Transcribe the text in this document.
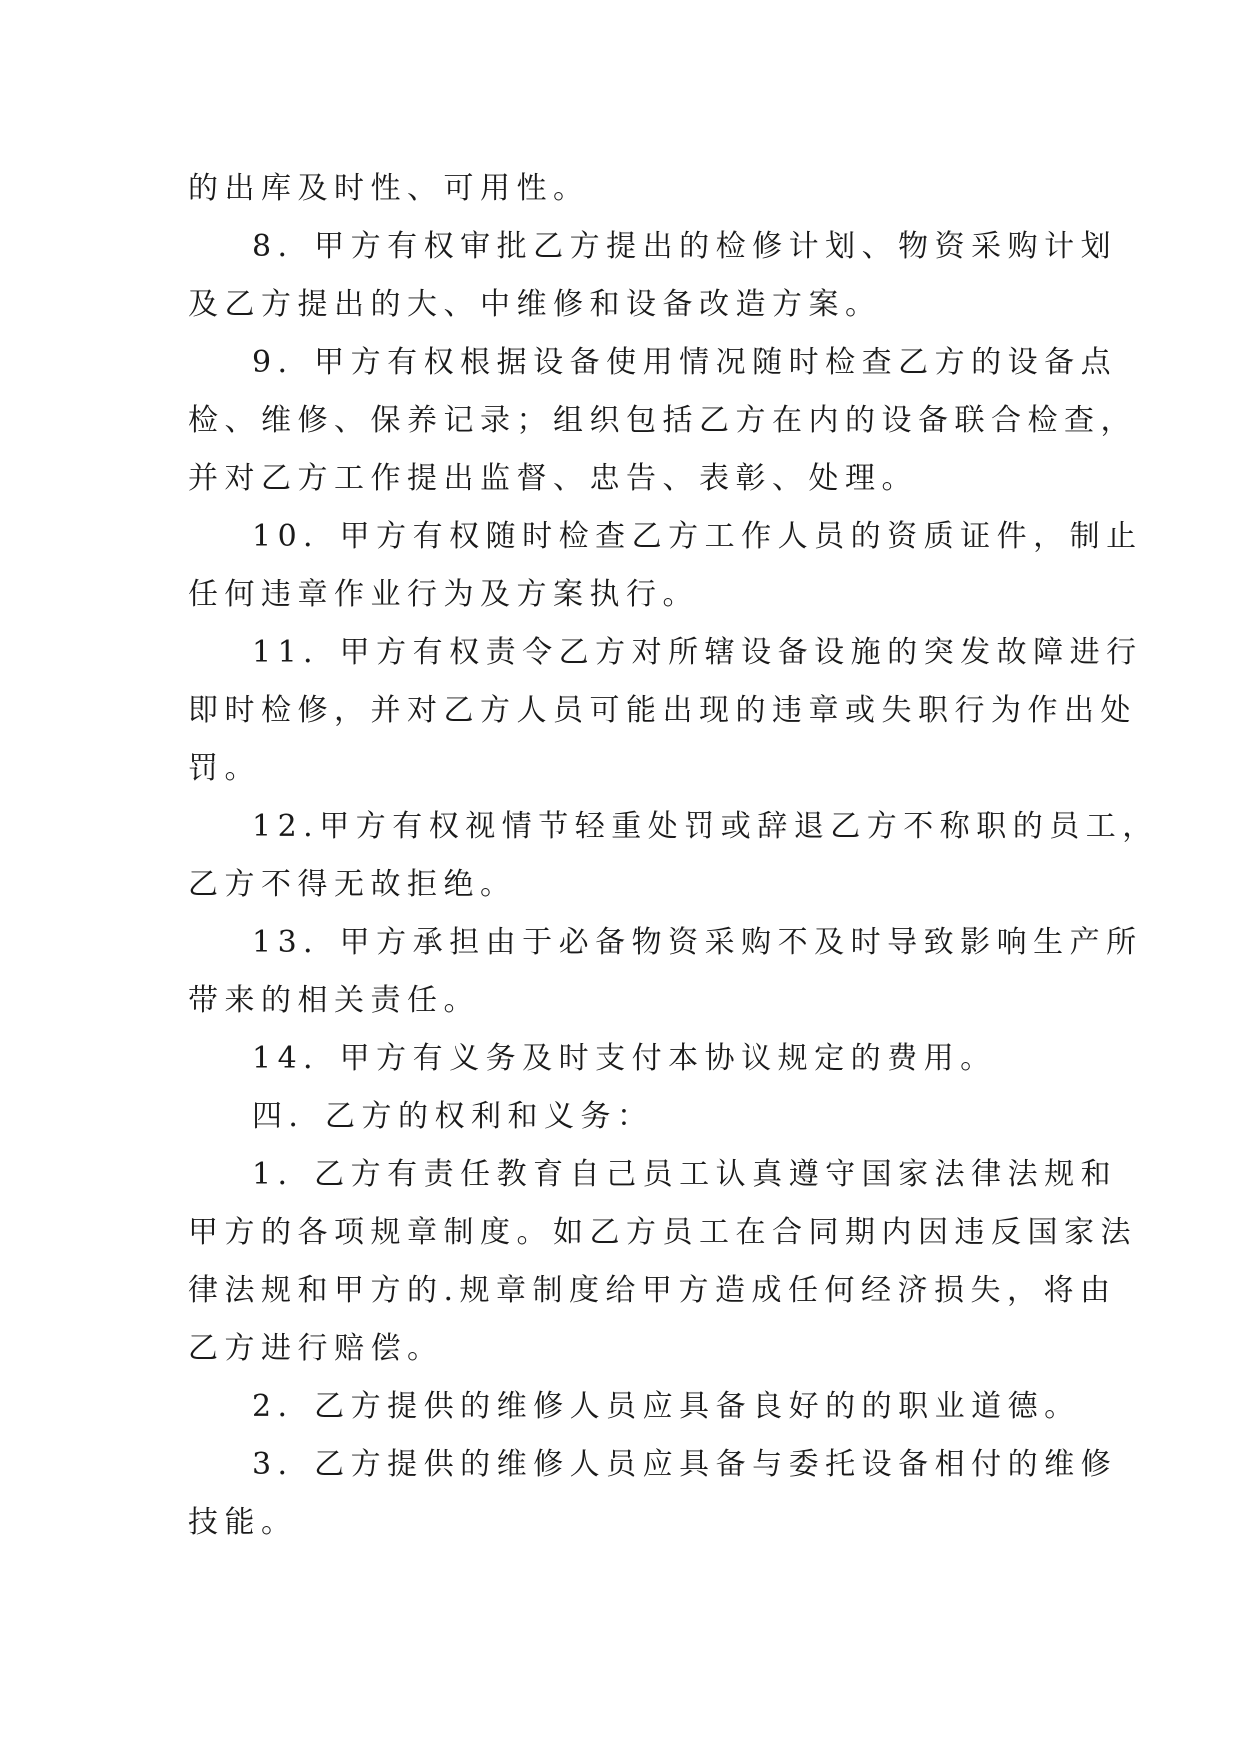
的出库及时性、可用性。
8．甲方有权审批乙方提出的检修计划、物资采购计划
及乙方提出的大、中维修和设备改造方案。
9．甲方有权根据设备使用情况随时检查乙方的设备点
检、维修、保养记录；组织包括乙方在内的设备联合检查，
并对乙方工作提出监督、忠告、表彰、处理。
10．甲方有权随时检查乙方工作人员的资质证件，制止
任何违章作业行为及方案执行。
11．甲方有权责令乙方对所辖设备设施的突发故障进行
即时检修，并对乙方人员可能出现的违章或失职行为作出处
罚。
12.甲方有权视情节轻重处罚或辞退乙方不称职的员工，
乙方不得无故拒绝。
13．甲方承担由于必备物资采购不及时导致影响生产所
带来的相关责任。
14．甲方有义务及时支付本协议规定的费用。
四．乙方的权利和义务：
1．乙方有责任教育自己员工认真遵守国家法律法规和
甲方的各项规章制度。如乙方员工在合同期内因违反国家法
律法规和甲方的.规章制度给甲方造成任何经济损失，将由
乙方进行赔偿。
2．乙方提供的维修人员应具备良好的的职业道德。
3．乙方提供的维修人员应具备与委托设备相付的维修
技能。
